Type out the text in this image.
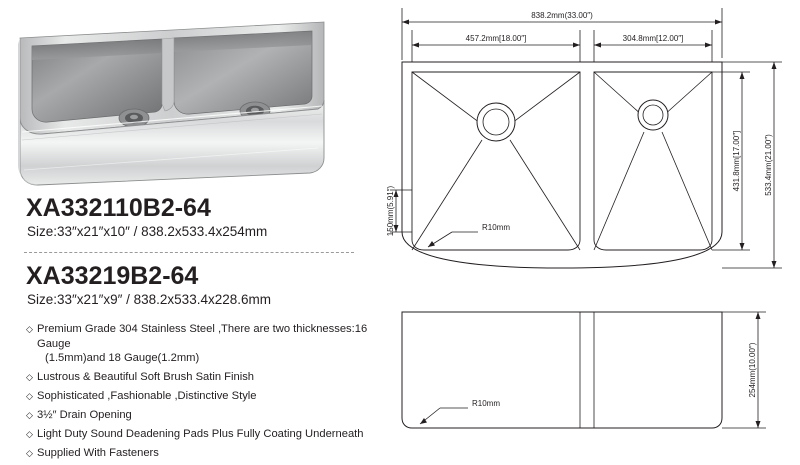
XA332110B2-64
Size:33″x21″x10″ / 838.2x533.4x254mm
XA33219B2-64
Size:33″x21″x9″ / 838.2x533.4x228.6mm
◇ Premium Grade 304 Stainless Steel ,There are two thicknesses:16 Gauge
(1.5mm)and 18 Gauge(1.2mm)
◇ Lustrous & Beautiful Soft Brush Satin Finish
◇ Sophisticated ,Fashionable ,Distinctive Style
◇ 3½″ Drain Opening
◇ Light Duty Sound Deadening Pads Plus Fully Coating Underneath
◇ Supplied With Fasteners
838.2mm(33.00″)
457.2mm[18.00″]	304.8mm[12.00″]
R10mm
150mm(5.91″)
431.8mm[17.00″]	533.4mm(21.00″)
R10mm
254mm(10.00″)
